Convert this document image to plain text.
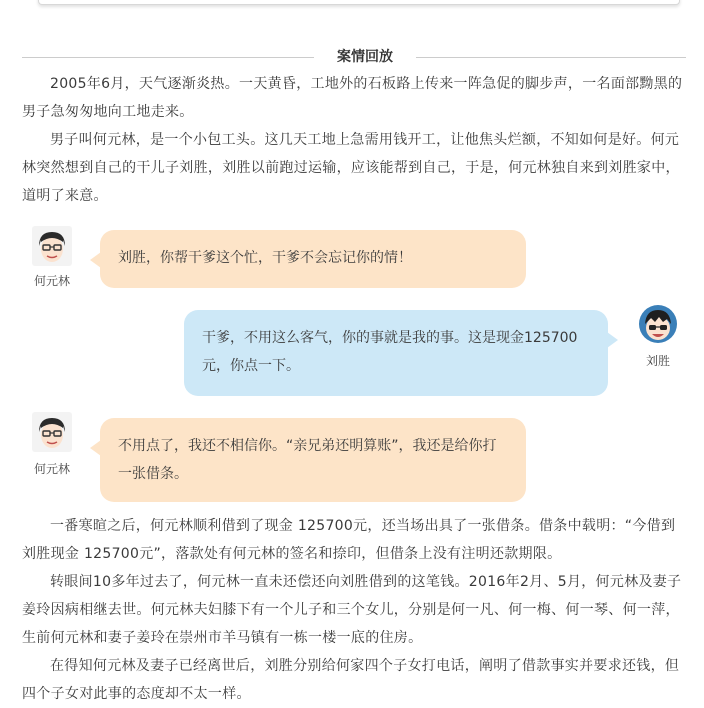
案情回放

2005年6月，天气逐渐炎热。一天黄昏，工地外的石板路上传来一阵急促的脚步声，一名面部黝黑的男子急匆匆地向工地走来。

男子叫何元林，是一个小包工头。这几天工地上急需用钱开工，让他焦头烂额，不知如何是好。何元林突然想到自己的干儿子刘胜，刘胜以前跑过运输，应该能帮到自己，于是，何元林独自来到刘胜家中，道明了来意。

何元林
刘胜，你帮干爹这个忙，干爹不会忘记你的情！
刘胜
干爹，不用这么客气，你的事就是我的事。这是现金125700元，你点一下。
何元林
不用点了，我还不相信你。“亲兄弟还明算账”，我还是给你打一张借条。

一番寒暄之后，何元林顺利借到了现金 125700元，还当场出具了一张借条。借条中载明：“今借到刘胜现金 125700元”，落款处有何元林的签名和捺印，但借条上没有注明还款期限。

转眼间10多年过去了，何元林一直未还偿还向刘胜借到的这笔钱。2016年2月、5月，何元林及妻子姜玲因病相继去世。何元林夫妇膝下有一个儿子和三个女儿，分别是何一凡、何一梅、何一琴、何一萍，生前何元林和妻子姜玲在崇州市羊马镇有一栋一楼一底的住房。

在得知何元林及妻子已经离世后，刘胜分别给何家四个子女打电话，阐明了借款事实并要求还钱，但四个子女对此事的态度却不太一样。
